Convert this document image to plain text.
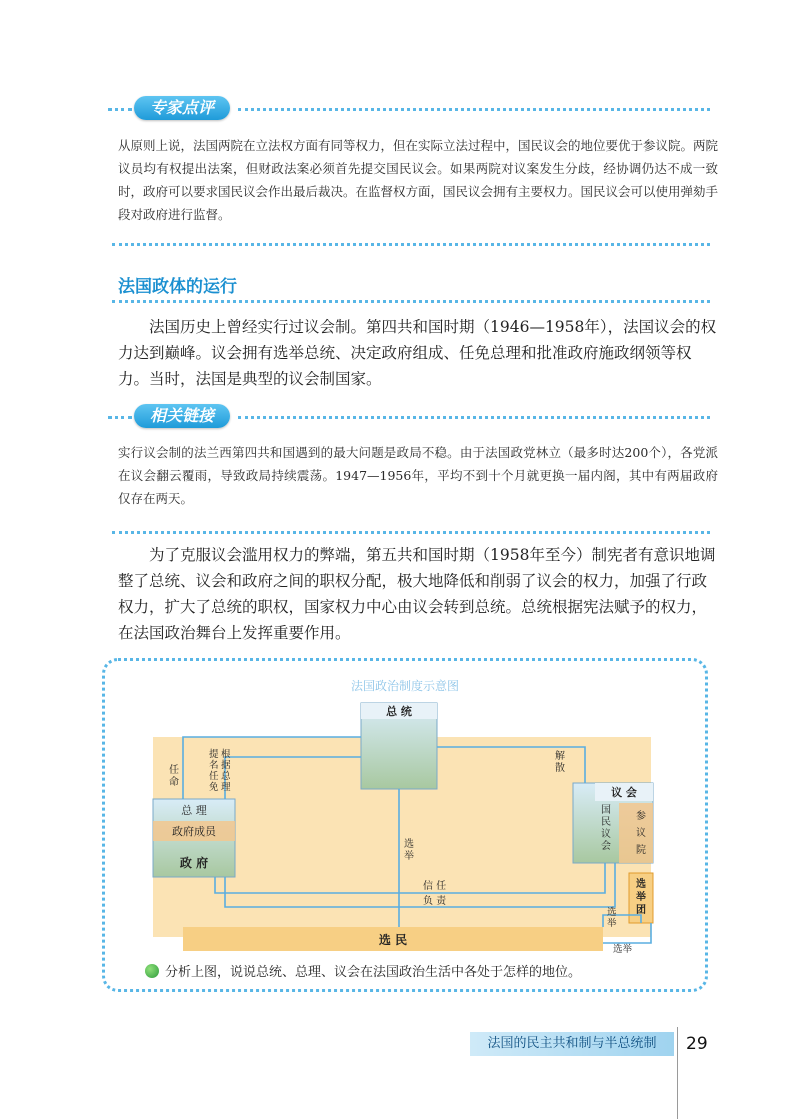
专家点评
从原则上说，法国两院在立法权方面有同等权力，但在实际立法过程中，国民议会的地位要优于参议院。两院议员均有权提出法案，但财政法案必须首先提交国民议会。如果两院对议案发生分歧，经协调仍达不成一致时，政府可以要求国民议会作出最后裁决。在监督权方面，国民议会拥有主要权力。国民议会可以使用弹劾手段对政府进行监督。
法国政体的运行
法国历史上曾经实行过议会制。第四共和国时期（1946—1958年），法国议会的权力达到巅峰。议会拥有选举总统、决定政府组成、任免总理和批准政府施政纲领等权力。当时，法国是典型的议会制国家。
相关链接
实行议会制的法兰西第四共和国遇到的最大问题是政局不稳。由于法国政党林立（最多时达200个），各党派在议会翻云覆雨，导致政局持续震荡。1947—1956年，平均不到十个月就更换一届内阁，其中有两届政府仅存在两天。
为了克服议会滥用权力的弊端，第五共和国时期（1958年至今）制宪者有意识地调整了总统、议会和政府之间的职权分配，极大地降低和削弱了议会的权力，加强了行政权力，扩大了总统的职权，国家权力中心由议会转到总统。总统根据宪法赋予的权力，在法国政治舞台上发挥重要作用。
法国政治制度示意图
总 统
总 理
政府成员
政 府
议 会
参议院
国民议会
选举团
选 民
任命
根据总理 提名任免
解散
选举
信 任
负 责
选举
选举
分析上图，说说总统、总理、议会在法国政治生活中各处于怎样的地位。
法国的民主共和制与半总统制	29
